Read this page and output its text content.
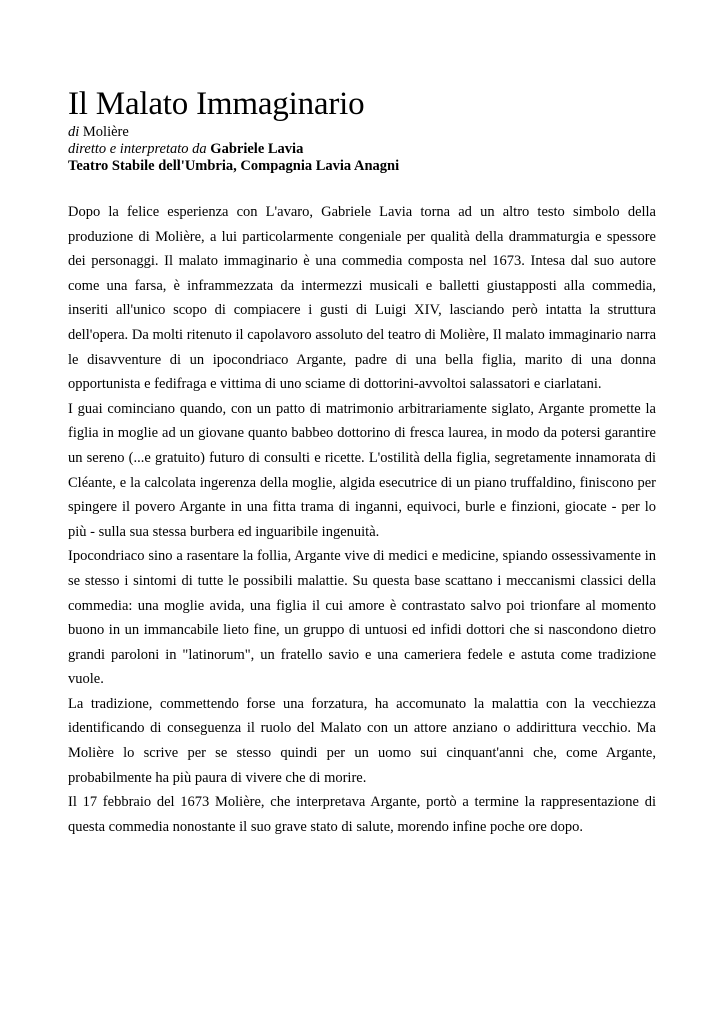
Il Malato Immaginario

di Molière

diretto e interpretato da Gabriele Lavia

Teatro Stabile dell'Umbria, Compagnia Lavia Anagni

Dopo la felice esperienza con L'avaro, Gabriele Lavia torna ad un altro testo simbolo della produzione di Molière, a lui particolarmente congeniale per qualità della drammaturgia e spessore dei personaggi. Il malato immaginario è una commedia composta nel 1673. Intesa dal suo autore come una farsa, è inframmezzata da intermezzi musicali e balletti giustapposti alla commedia, inseriti all'unico scopo di compiacere i gusti di Luigi XIV, lasciando però intatta la struttura dell'opera. Da molti ritenuto il capolavoro assoluto del teatro di Molière, Il malato immaginario narra le disavventure di un ipocondriaco Argante, padre di una bella figlia, marito di una donna opportunista e fedifraga e vittima di uno sciame di dottorini-avvoltoi salassatori e ciarlatani.

I guai cominciano quando, con un patto di matrimonio arbitrariamente siglato, Argante promette la figlia in moglie ad un giovane quanto babbeo dottorino di fresca laurea, in modo da potersi garantire un sereno (...e gratuito) futuro di consulti e ricette. L'ostilità della figlia, segretamente innamorata di Cléante, e la calcolata ingerenza della moglie, algida esecutrice di un piano truffaldino, finiscono per spingere il povero Argante in una fitta trama di inganni, equivoci, burle e finzioni, giocate - per lo più - sulla sua stessa burbera ed inguaribile ingenuità.

Ipocondriaco sino a rasentare la follia, Argante vive di medici e medicine, spiando ossessivamente in se stesso i sintomi di tutte le possibili malattie. Su questa base scattano i meccanismi classici della commedia: una moglie avida, una figlia il cui amore è contrastato salvo poi trionfare al momento buono in un immancabile lieto fine, un gruppo di untuosi ed infidi dottori che si nascondono dietro grandi paroloni in "latinorum", un fratello savio e una cameriera fedele e astuta come tradizione vuole.

La tradizione, commettendo forse una forzatura, ha accomunato la malattia con la vecchiezza identificando di conseguenza il ruolo del Malato con un attore anziano o addirittura vecchio. Ma Molière lo scrive per se stesso quindi per un uomo sui cinquant'anni che, come Argante, probabilmente ha più paura di vivere che di morire.

Il 17 febbraio del 1673 Molière, che interpretava Argante, portò a termine la rappresentazione di questa commedia nonostante il suo grave stato di salute, morendo infine poche ore dopo.
